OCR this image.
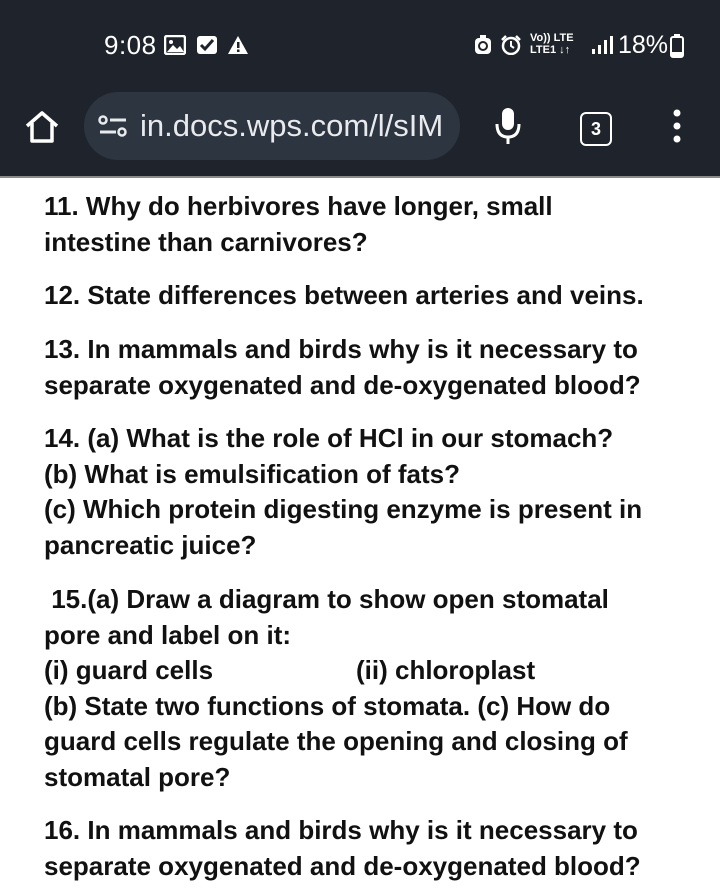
9:08	Vo)) LTE
LTE1 ↓↑ 18%
in.docs.wps.com/l/sIM	3
11. Why do herbivores have longer, small
intestine than carnivores?
12. State differences between arteries and veins.
13. In mammals and birds why is it necessary to
separate oxygenated and de-oxygenated blood?
14. (a) What is the role of HCl in our stomach?
(b) What is emulsification of fats?
(c) Which protein digesting enzyme is present in
pancreatic juice?
15.(a) Draw a diagram to show open stomatal
pore and label on it:
(i) guard cells	(ii) chloroplast
(b) State two functions of stomata. (c) How do
guard cells regulate the opening and closing of
stomatal pore?
16. In mammals and birds why is it necessary to
separate oxygenated and de-oxygenated blood?
